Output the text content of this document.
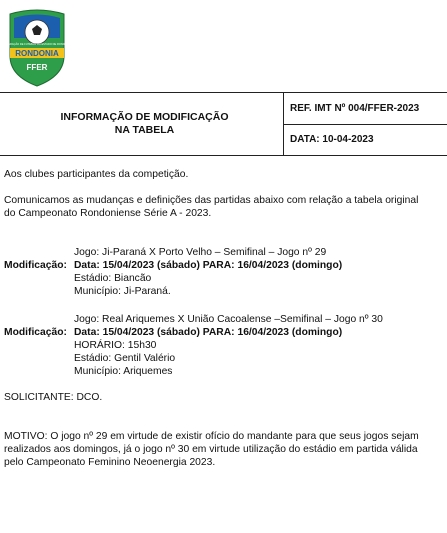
RONDONIA
FFER
FEDERAÇÃO DE FUTEBOL DO ESTADO DE RONDÔNIA
INFORMAÇÃO DE MODIFICAÇÃO
NA TABELA
REF. IMT Nº 004/FFER-2023
DATA: 10-04-2023

Aos clubes participantes da competição.

Comunicamos as mudanças e definições das partidas abaixo com relação a tabela original

do Campeonato Rondoniense Série A - 2023.

Modificação:
Jogo: Ji-Paraná X Porto Velho – Semifinal – Jogo nº 29
Data: 15/04/2023 (sábado) PARA: 16/04/2023 (domingo)
Estádio: Biancão
Município: Ji-Paraná.

Modificação:
Jogo: Real Ariquemes X União Cacoalense –Semifinal – Jogo nº 30
Data: 15/04/2023 (sábado) PARA: 16/04/2023 (domingo)
HORÁRIO: 15h30
Estádio: Gentil Valério
Município: Ariquemes

SOLICITANTE: DCO.

MOTIVO: O jogo nº 29 em virtude de existir ofício do mandante para que seus jogos sejam

realizados aos domingos, já o jogo nº 30 em virtude utilização do estádio em partida válida

pelo Campeonato Feminino Neoenergia 2023.
